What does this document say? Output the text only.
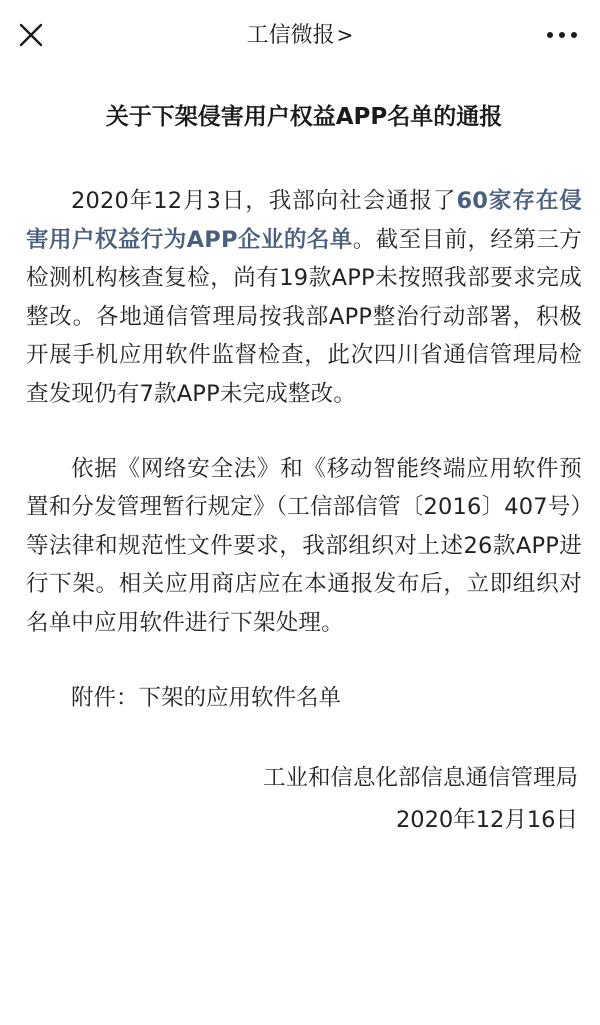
工信微报 >
关于下架侵害用户权益APP名单的通报

2020年12月3日，我部向社会通报了60家存在侵害用户权益行为APP企业的名单。截至目前，经第三方检测机构核查复检，尚有19款APP未按照我部要求完成整改。各地通信管理局按我部APP整治行动部署，积极开展手机应用软件监督检查，此次四川省通信管理局检查发现仍有7款APP未完成整改。

依据《网络安全法》和《移动智能终端应用软件预置和分发管理暂行规定》（工信部信管〔2016〕407号）等法律和规范性文件要求，我部组织对上述26款APP进行下架。相关应用商店应在本通报发布后，立即组织对名单中应用软件进行下架处理。

附件：下架的应用软件名单

工业和信息化部信息通信管理局

2020年12月16日
